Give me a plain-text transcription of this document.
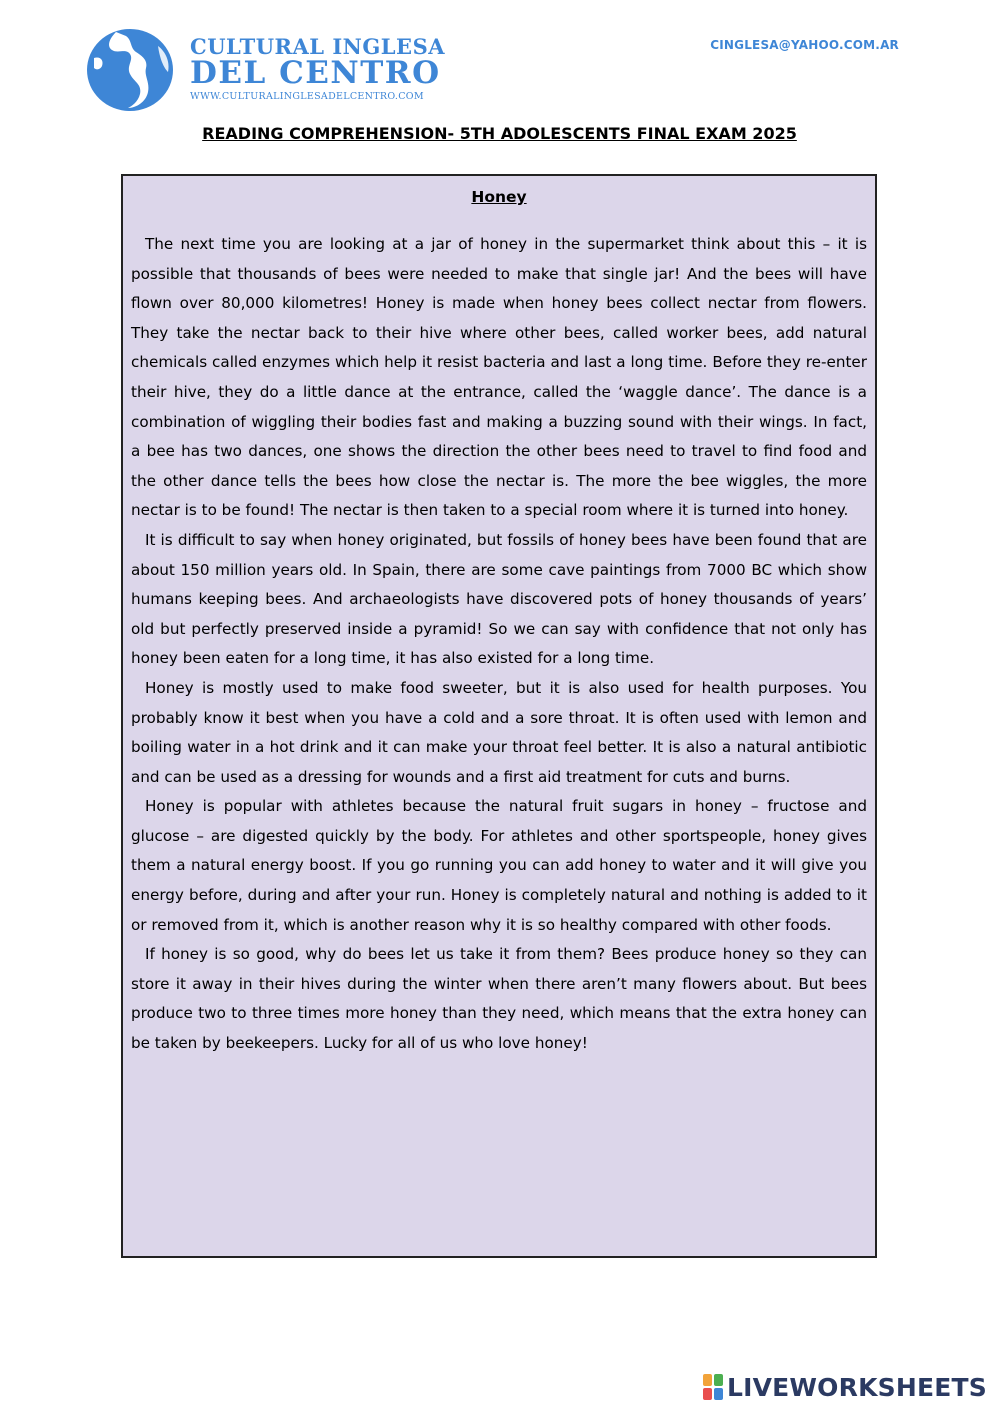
CULTURAL INGLESA
DEL CENTRO
WWW.CULTURALINGLESADELCENTRO.COM
CINGLESA@YAHOO.COM.AR
READING COMPREHENSION- 5TH ADOLESCENTS FINAL EXAM 2025
Honey

The next time you are looking at a jar of honey in the supermarket think about this – it is possible that thousands of bees were needed to make that single jar! And the bees will have flown over 80,000 kilometres! Honey is made when honey bees collect nectar from flowers. They take the nectar back to their hive where other bees, called worker bees, add natural chemicals called enzymes which help it resist bacteria and last a long time. Before they re-enter their hive, they do a little dance at the entrance, called the ‘waggle dance’. The dance is a combination of wiggling their bodies fast and making a buzzing sound with their wings. In fact, a bee has two dances, one shows the direction the other bees need to travel to find food and the other dance tells the bees how close the nectar is. The more the bee wiggles, the more nectar is to be found! The nectar is then taken to a special room where it is turned into honey.

It is difficult to say when honey originated, but fossils of honey bees have been found that are about 150 million years old. In Spain, there are some cave paintings from 7000 BC which show humans keeping bees. And archaeologists have discovered pots of honey thousands of years’ old but perfectly preserved inside a pyramid! So we can say with confidence that not only has honey been eaten for a long time, it has also existed for a long time.

Honey is mostly used to make food sweeter, but it is also used for health purposes. You probably know it best when you have a cold and a sore throat. It is often used with lemon and boiling water in a hot drink and it can make your throat feel better. It is also a natural antibiotic and can be used as a dressing for wounds and a first aid treatment for cuts and burns.

Honey is popular with athletes because the natural fruit sugars in honey – fructose and glucose – are digested quickly by the body. For athletes and other sportspeople, honey gives them a natural energy boost. If you go running you can add honey to water and it will give you energy before, during and after your run. Honey is completely natural and nothing is added to it or removed from it, which is another reason why it is so healthy compared with other foods.

If honey is so good, why do bees let us take it from them? Bees produce honey so they can store it away in their hives during the winter when there aren’t many flowers about. But bees produce two to three times more honey than they need, which means that the extra honey can be taken by beekeepers. Lucky for all of us who love honey!

LIVEWORKSHEETS
